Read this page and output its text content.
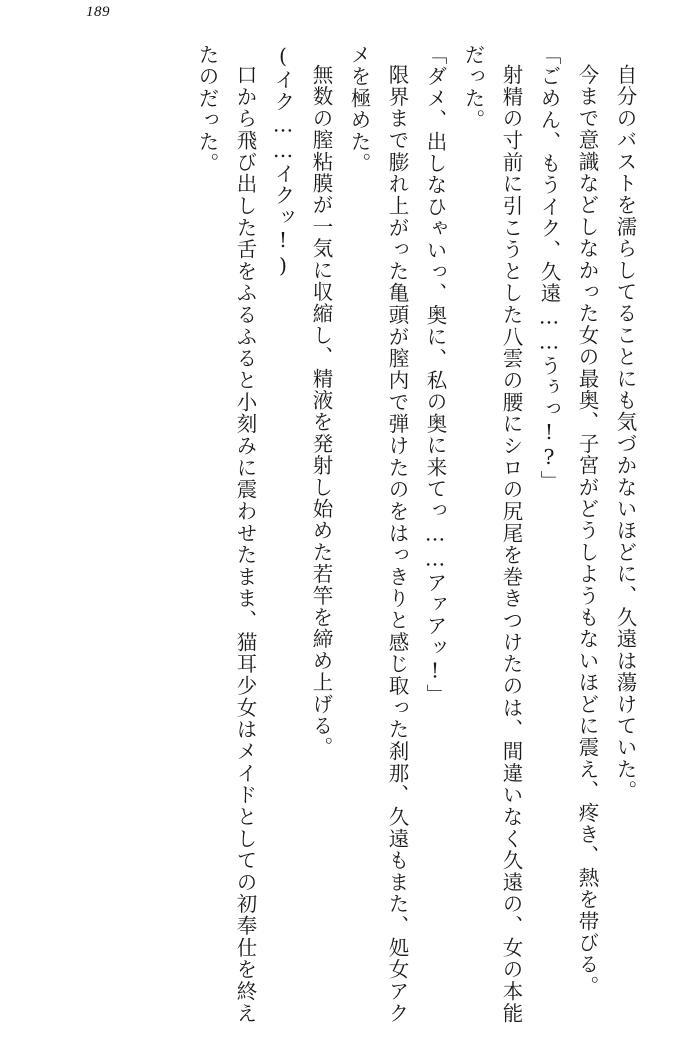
189

自分のバストを濡らしてることにも気づかないほどに、久遠は蕩けていた。

今まで意識などしなかった女の最奥、子宮がどうしようもないほどに震え、疼き、熱を帯びる。

「ごめん、もうイク、久遠……うぅっ!?」

射精の寸前に引こうとした八雲の腰にシロの尻尾を巻きつけたのは、間違いなく久遠の、女の本能だった。

「ダメ、出しなひゃいっ、奥に、私の奥に来てっ……アァアッ!」

限界まで膨れ上がった亀頭が膣内で弾けたのをはっきりと感じ取った刹那、久遠もまた、処女アクメを極めた。

無数の膣粘膜が一気に収縮し、精液を発射し始めた若竿を締め上げる。

(イク……イクッ!)

口から飛び出した舌をふるふると小刻みに震わせたまま、猫耳少女はメイドとしての初奉仕を終えたのだった。
